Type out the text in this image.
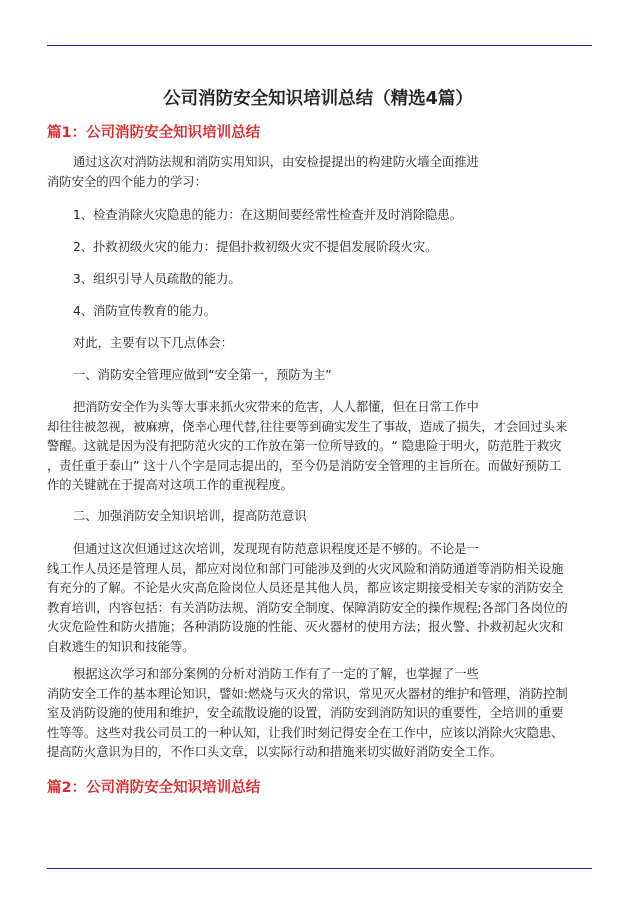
公司消防安全知识培训总结（精选4篇）
篇1：公司消防安全知识培训总结
通过这次对消防法规和消防实用知识，由安检提提出的构建防火墙全面推进
消防安全的四个能力的学习：
1、检查消除火灾隐患的能力：在这期间要经常性检查并及时消除隐患。
2、扑救初级火灾的能力：提倡扑救初级火灾不提倡发展阶段火灾。
3、组织引导人员疏散的能力。
4、消防宣传教育的能力。
对此，主要有以下几点体会：
一、消防安全管理应做到“安全第一，预防为主”
把消防安全作为头等大事来抓火灾带来的危害，人人都懂，但在日常工作中
却往往被忽视，被麻痹，侥幸心理代替,往往要等到确实发生了事故，造成了损失，才会回过头来
警醒。这就是因为没有把防范火灾的工作放在第一位所导致的。“ 隐患险于明火，防范胜于救灾
，责任重于泰山” 这十八个字是同志提出的，至今仍是消防安全管理的主旨所在。而做好预防工
作的关键就在于提高对这项工作的重视程度。
二、加强消防安全知识培训，提高防范意识
但通过这次但通过这次培训，发现现有防范意识程度还是不够的。不论是一
线工作人员还是管理人员，都应对岗位和部门可能涉及到的火灾风险和消防通道等消防相关设施
有充分的了解。不论是火灾高危险岗位人员还是其他人员，都应该定期接受相关专家的消防安全
教育培训，内容包括：有关消防法规、消防安全制度、保障消防安全的操作规程;各部门各岗位的
火灾危险性和防火措施；各种消防设施的性能、灭火器材的使用方法；报火警、扑救初起火灾和
自救逃生的知识和技能等。
根据这次学习和部分案例的分析对消防工作有了一定的了解，也掌握了一些
消防安全工作的基本理论知识，譬如:燃烧与灭火的常识，常见灭火器材的维护和管理，消防控制
室及消防设施的使用和维护，安全疏散设施的设置，消防安到消防知识的重要性，全培训的重要
性等等。这些对我公司员工的一种认知，让我们时刻记得安全在工作中，应该以消除火灾隐患、
提高防火意识为目的，不作口头文章，以实际行动和措施来切实做好消防安全工作。
篇2：公司消防安全知识培训总结
